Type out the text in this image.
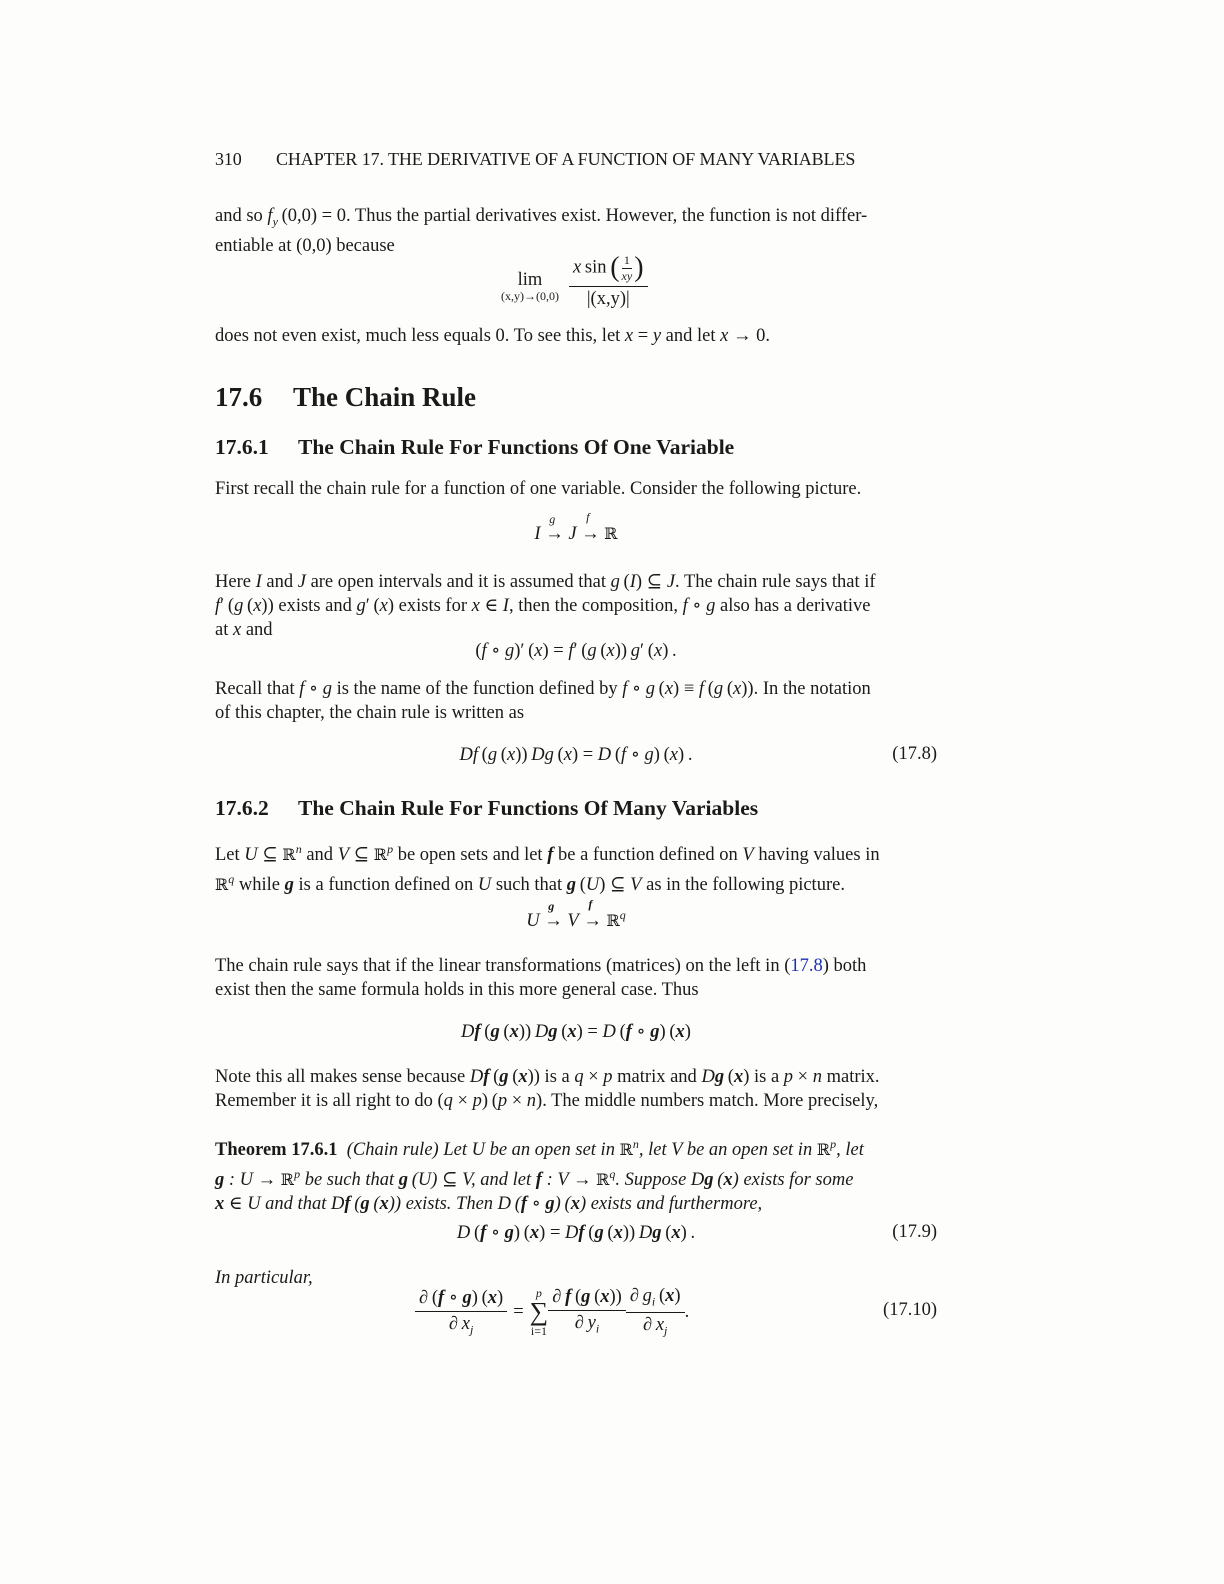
310 CHAPTER 17. THE DERIVATIVE OF A FUNCTION OF MANY VARIABLES

and so $f_y$ (0,0) = 0. Thus the partial derivatives exist. However, the function is not differ-

entiable at (0,0) because

lim
$(x,y)\to(0,0) \frac{x \sin ( \frac{1}{xy} )}{|(x,y)|}$

does not even exist, much less equals 0. To see this, let x = y and let x → 0.

17.6 The Chain Rule
17.6.1 The Chain Rule For Functions Of One Variable

First recall the chain rule for a function of one variable. Consider the following picture.

I →
g
J →
f
ℝ

Here I and J are open intervals and it is assumed that g (I) ⊆ J. The chain rule says that if

f′ (g (x)) exists and g′ (x) exists for x ∈ I, then the composition, f ∘ g also has a derivative

at x and

(f ∘ g)′ (x) = f′ (g (x)) g′ (x) .

Recall that f ∘ g is the name of the function defined by f ∘ g (x) ≡ f (g (x)). In the notation

of this chapter, the chain rule is written as

Df (g (x)) Dg (x) = D (f ∘ g) (x) .	(17.8)
17.6.2 The Chain Rule For Functions Of Many Variables

Let U ⊆ ℝ$^n$ and V ⊆ ℝ$^p$ be open sets and let f be a function defined on V having values in

ℝ$^q$ while g is a function defined on U such that g (U) ⊆ V as in the following picture.

U →
g
V →
f
ℝ$^q$

The chain rule says that if the linear transformations (matrices) on the left in (17.8) both

exist then the same formula holds in this more general case. Thus

Df (g (x)) Dg (x) = D (f ∘ g) (x)

Note this all makes sense because Df (g (x)) is a q × p matrix and Dg (x) is a p × n matrix.

Remember it is all right to do (q × p) (p × n). The middle numbers match. More precisely,

Theorem 17.6.1 (Chain rule) Let U be an open set in ℝ$^n$, let V be an open set in ℝ$^p$, let

g : U → ℝ$^p$ be such that g (U) ⊆ V, and let f : V → ℝ$^q$. Suppose Dg (x) exists for some

x ∈ U and that Df (g (x)) exists. Then D (f ∘ g) (x) exists and furthermore,

D (f ∘ g) (x) = Df (g (x)) Dg (x) .	(17.9)

In particular,

$\frac{\partial (f \circ g) (x)}{\partial x_j}$ =
p
∑
$i=1 \frac{\partial f (g (x))}{\partial y_i} \frac{\partial g_i (x)}{\partial x_j}$ .	(17.10)
